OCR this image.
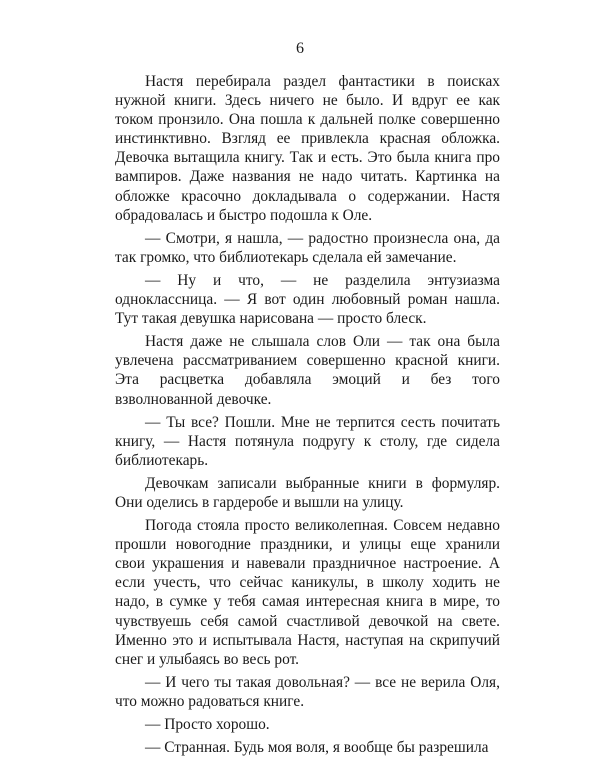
6

Настя перебирала раздел фантастики в поисках нужной книги. Здесь ничего не было. И вдруг ее как током пронзило. Она пошла к дальней полке совершенно инстинктивно. Взгляд ее привлекла красная обложка. Девочка вытащила книгу. Так и есть. Это была книга про вампиров. Даже названия не надо читать. Картинка на обложке красочно докладывала о содержании. Настя обрадовалась и быстро подошла к Оле.

— Смотри, я нашла, — радостно произнесла она, да так громко, что библиотекарь сделала ей замечание.

— Ну и что, — не разделила энтузиазма одноклассница. — Я вот один любовный роман нашла. Тут такая девушка нарисована — просто блеск.

Настя даже не слышала слов Оли — так она была увлечена рассматриванием совершенно красной книги. Эта расцветка добавляла эмоций и без того взволнованной девочке.

— Ты все? Пошли. Мне не терпится сесть почитать книгу, — Настя потянула подругу к столу, где сидела библиотекарь.

Девочкам записали выбранные книги в формуляр. Они оделись в гардеробе и вышли на улицу.

Погода стояла просто великолепная. Совсем недавно прошли новогодние праздники, и улицы еще хранили свои украшения и навевали праздничное настроение. А если учесть, что сейчас каникулы, в школу ходить не надо, в сумке у тебя самая интересная книга в мире, то чувствуешь себя самой счастливой девочкой на свете. Именно это и испытывала Настя, наступая на скрипучий снег и улыбаясь во весь рот.

— И чего ты такая довольная? — все не верила Оля, что можно радоваться книге.

— Просто хорошо.

— Странная. Будь моя воля, я вообще бы разрешила
